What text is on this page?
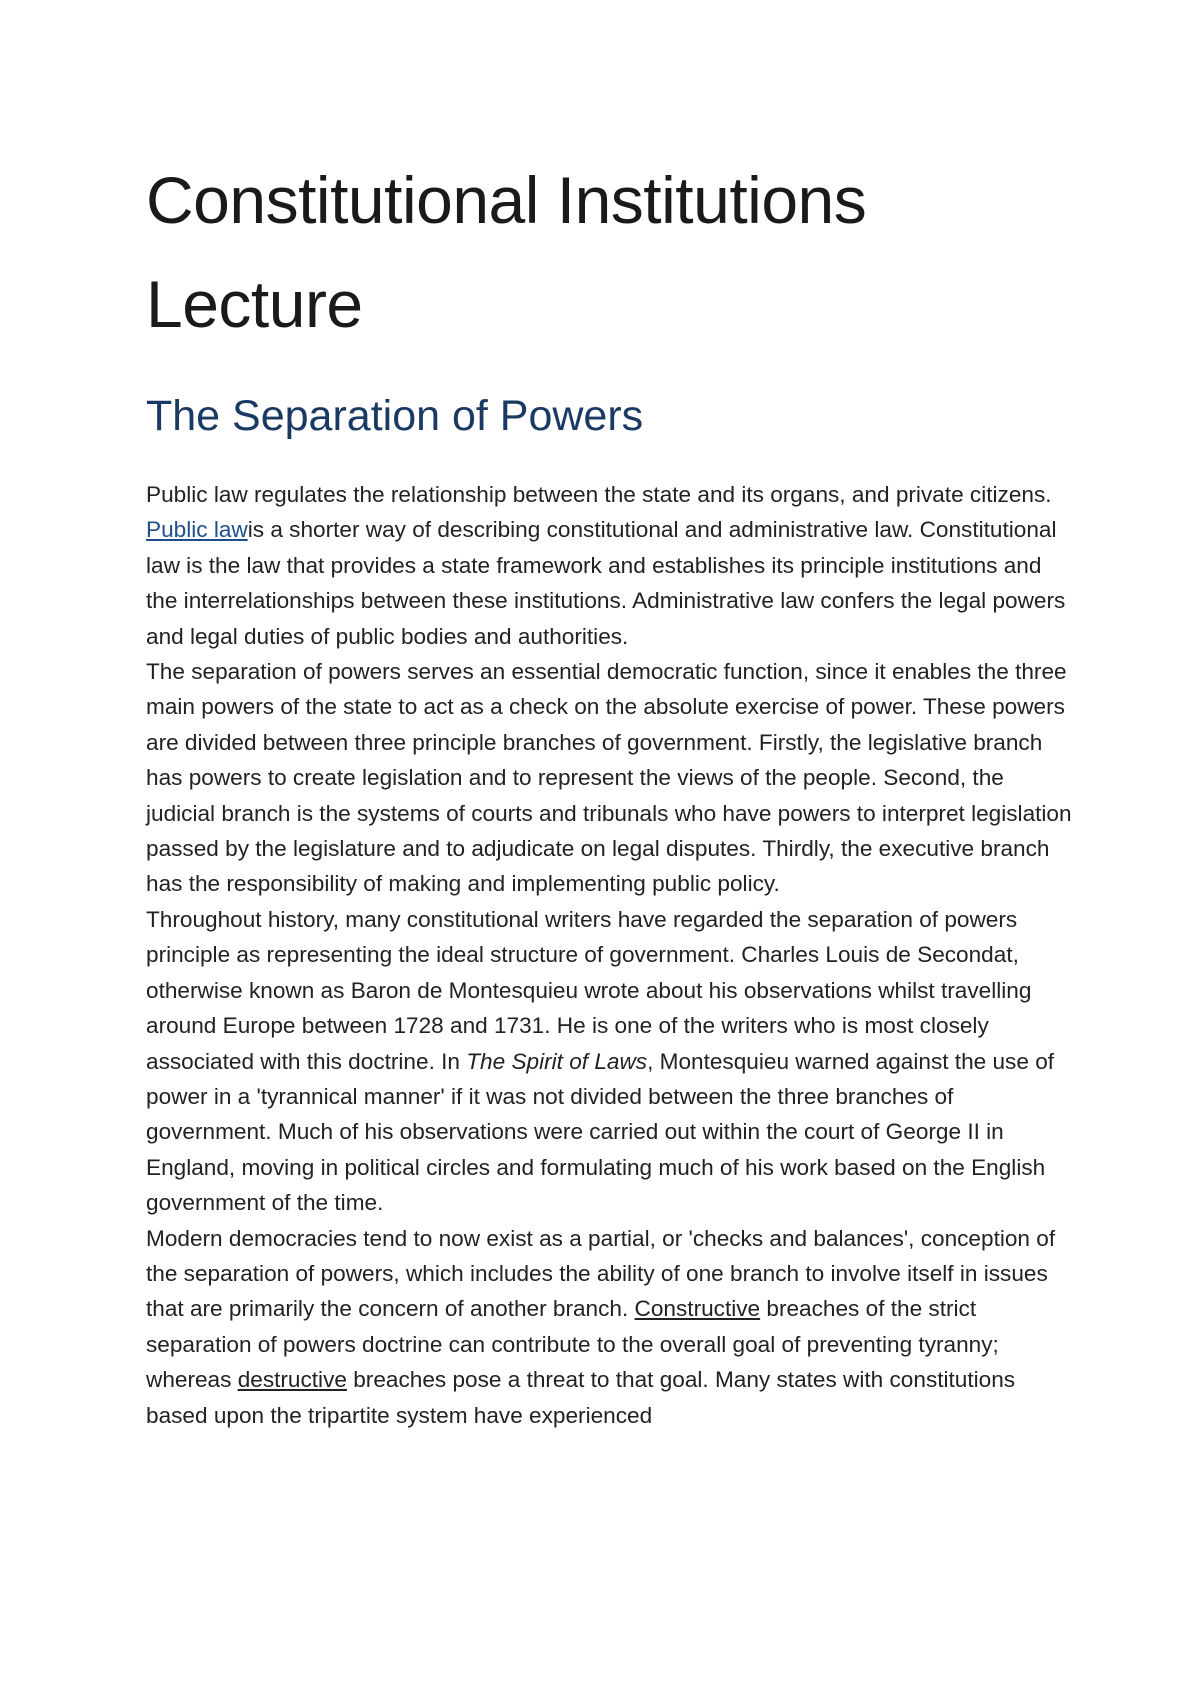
Constitutional Institutions Lecture
The Separation of Powers

Public law regulates the relationship between the state and its organs, and private citizens. Public lawis a shorter way of describing constitutional and administrative law. Constitutional law is the law that provides a state framework and establishes its principle institutions and the interrelationships between these institutions. Administrative law confers the legal powers and legal duties of public bodies and authorities.

The separation of powers serves an essential democratic function, since it enables the three main powers of the state to act as a check on the absolute exercise of power. These powers are divided between three principle branches of government. Firstly, the legislative branch has powers to create legislation and to represent the views of the people. Second, the judicial branch is the systems of courts and tribunals who have powers to interpret legislation passed by the legislature and to adjudicate on legal disputes. Thirdly, the executive branch has the responsibility of making and implementing public policy.

Throughout history, many constitutional writers have regarded the separation of powers principle as representing the ideal structure of government. Charles Louis de Secondat, otherwise known as Baron de Montesquieu wrote about his observations whilst travelling around Europe between 1728 and 1731. He is one of the writers who is most closely associated with this doctrine. In The Spirit of Laws, Montesquieu warned against the use of power in a 'tyrannical manner' if it was not divided between the three branches of government. Much of his observations were carried out within the court of George II in England, moving in political circles and formulating much of his work based on the English government of the time.

Modern democracies tend to now exist as a partial, or 'checks and balances', conception of the separation of powers, which includes the ability of one branch to involve itself in issues that are primarily the concern of another branch. Constructive breaches of the strict separation of powers doctrine can contribute to the overall goal of preventing tyranny; whereas destructive breaches pose a threat to that goal. Many states with constitutions based upon the tripartite system have experienced
